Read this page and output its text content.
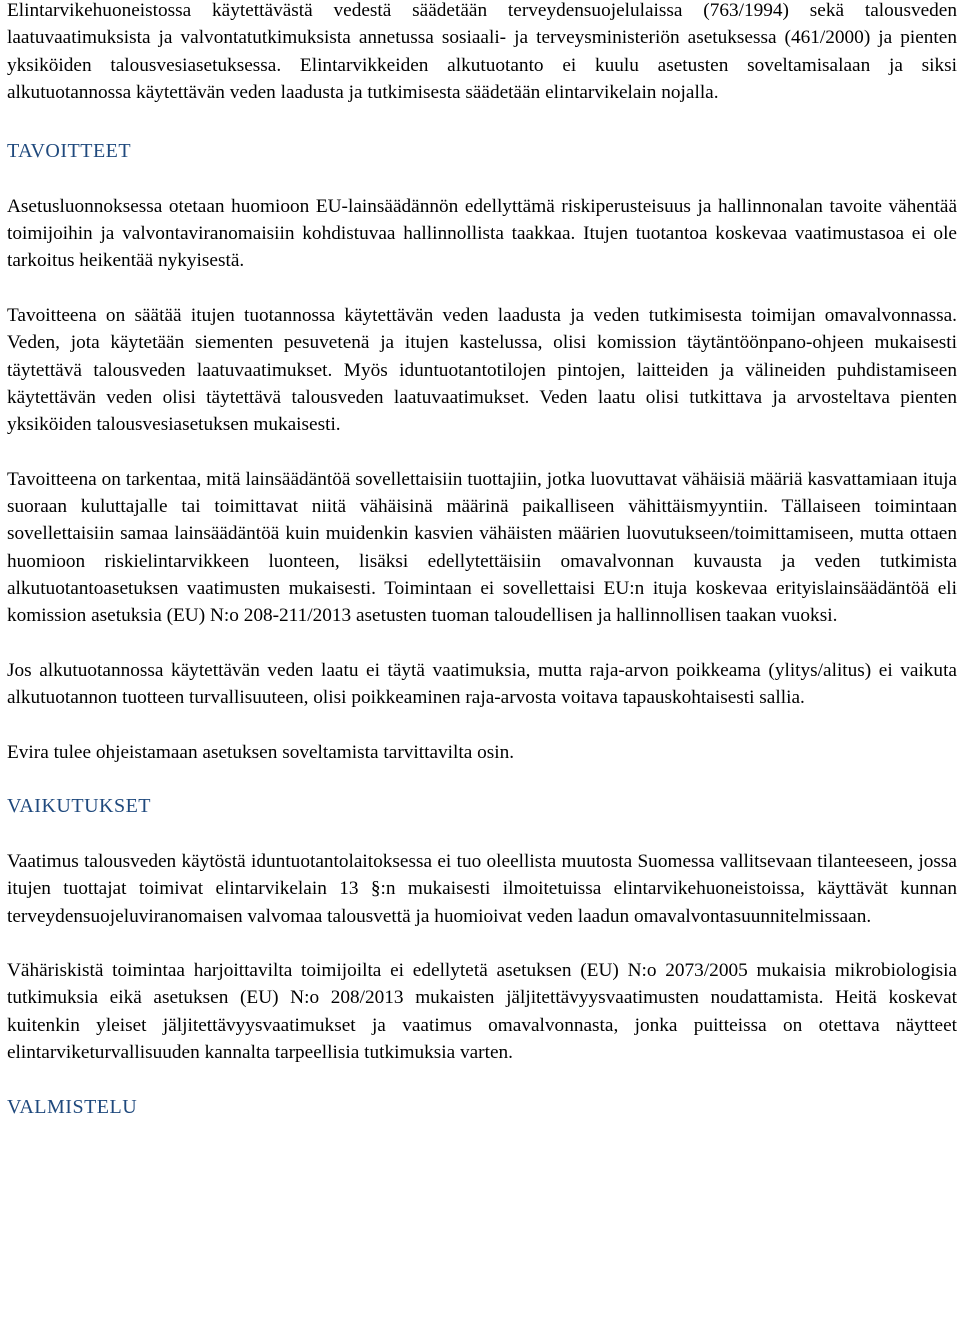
Elintarvikehuoneistossa käytettävästä vedestä säädetään terveydensuojelulaissa (763/1994) sekä talousveden laatuvaatimuksista ja valvontatutkimuksista annetussa sosiaali- ja terveysministeriön asetuksessa (461/2000) ja pienten yksiköiden talousvesiasetuksessa. Elintarvikkeiden alkutuotanto ei kuulu asetusten soveltamisalaan ja siksi alkutuotannossa käytettävän veden laadusta ja tutkimisesta säädetään elintarvikelain nojalla.

TAVOITTEET

Asetusluonnoksessa otetaan huomioon EU-lainsäädännön edellyttämä riskiperusteisuus ja hallinnonalan tavoite vähentää toimijoihin ja valvontaviranomaisiin kohdistuvaa hallinnollista taakkaa. Itujen tuotantoa koskevaa vaatimustasoa ei ole tarkoitus heikentää nykyisestä.

Tavoitteena on säätää itujen tuotannossa käytettävän veden laadusta ja veden tutkimisesta toimijan omavalvonnassa. Veden, jota käytetään siementen pesuvetenä ja itujen kastelussa, olisi komission täytäntöönpano-ohjeen mukaisesti täytettävä talousveden laatuvaatimukset. Myös iduntuotantotilojen pintojen, laitteiden ja välineiden puhdistamiseen käytettävän veden olisi täytettävä talousveden laatuvaatimukset. Veden laatu olisi tutkittava ja arvosteltava pienten yksiköiden talousvesiasetuksen mukaisesti.

Tavoitteena on tarkentaa, mitä lainsäädäntöä sovellettaisiin tuottajiin, jotka luovuttavat vähäisiä määriä kasvattamiaan ituja suoraan kuluttajalle tai toimittavat niitä vähäisinä määrinä paikalliseen vähittäismyyntiin. Tällaiseen toimintaan sovellettaisiin samaa lainsäädäntöä kuin muidenkin kasvien vähäisten määrien luovutukseen/toimittamiseen, mutta ottaen huomioon riskielintarvikkeen luonteen, lisäksi edellytettäisiin omavalvonnan kuvausta ja veden tutkimista alkutuotantoasetuksen vaatimusten mukaisesti. Toimintaan ei sovellettaisi EU:n ituja koskevaa erityislainsäädäntöä eli komission asetuksia (EU) N:o 208-211/2013 asetusten tuoman taloudellisen ja hallinnollisen taakan vuoksi.

Jos alkutuotannossa käytettävän veden laatu ei täytä vaatimuksia, mutta raja-arvon poikkeama (ylitys/alitus) ei vaikuta alkutuotannon tuotteen turvallisuuteen, olisi poikkeaminen raja-arvosta voitava tapauskohtaisesti sallia.

Evira tulee ohjeistamaan asetuksen soveltamista tarvittavilta osin.

VAIKUTUKSET

Vaatimus talousveden käytöstä iduntuotantolaitoksessa ei tuo oleellista muutosta Suomessa vallitsevaan tilanteeseen, jossa itujen tuottajat toimivat elintarvikelain 13 §:n mukaisesti ilmoitetuissa elintarvikehuoneistoissa, käyttävät kunnan terveydensuojeluviranomaisen valvomaa talousvettä ja huomioivat veden laadun omavalvontasuunnitelmissaan.

Vähäriskistä toimintaa harjoittavilta toimijoilta ei edellytetä asetuksen (EU) N:o 2073/2005 mukaisia mikrobiologisia tutkimuksia eikä asetuksen (EU) N:o 208/2013 mukaisten jäljitettävyysvaatimusten noudattamista. Heitä koskevat kuitenkin yleiset jäljitettävyysvaatimukset ja vaatimus omavalvonnasta, jonka puitteissa on otettava näytteet elintarviketurvallisuuden kannalta tarpeellisia tutkimuksia varten.

VALMISTELU
